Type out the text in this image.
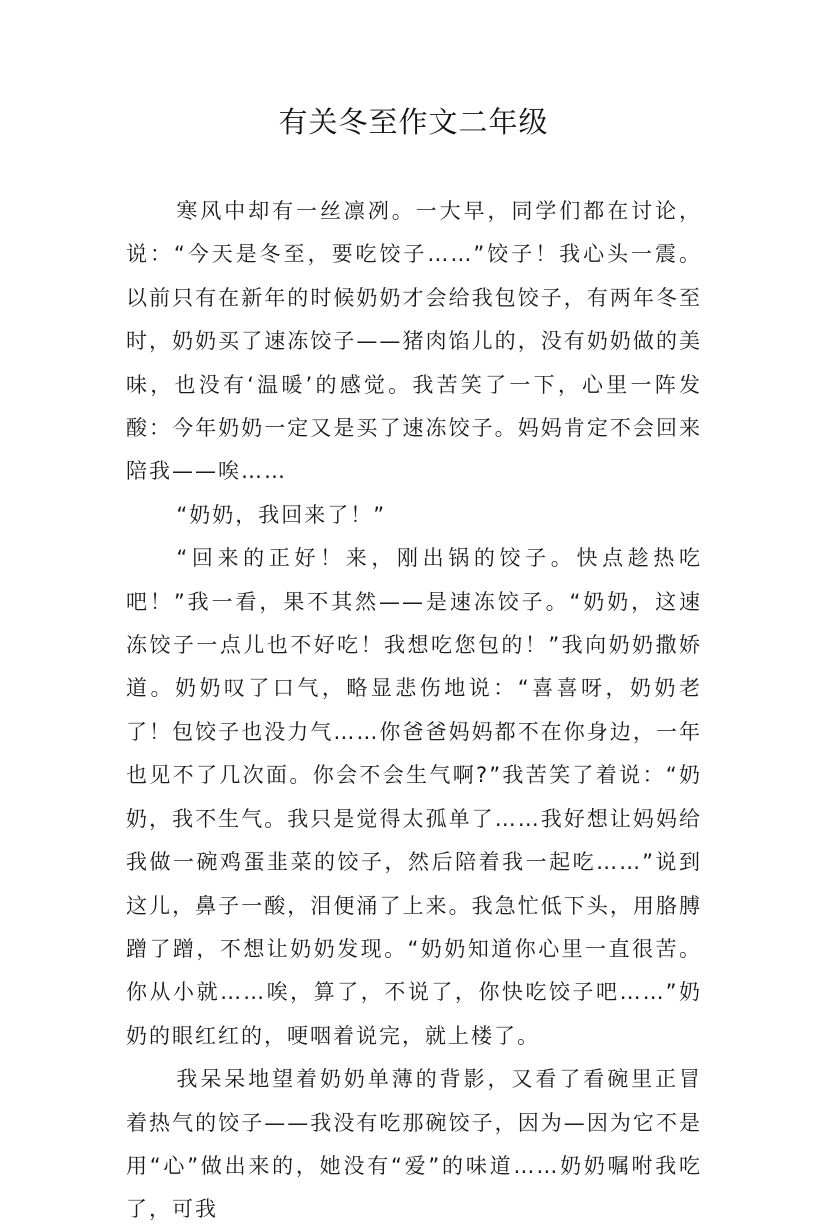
有关冬至作文二年级

寒风中却有一丝凛冽。一大早，同学们都在讨论，说：“今天是冬至，要吃饺子……”饺子！我心头一震。以前只有在新年的时候奶奶才会给我包饺子，有两年冬至时，奶奶买了速冻饺子——猪肉馅儿的，没有奶奶做的美味，也没有‘温暖’的感觉。我苦笑了一下，心里一阵发酸：今年奶奶一定又是买了速冻饺子。妈妈肯定不会回来陪我——唉……

“奶奶，我回来了！”

“回来的正好！来，刚出锅的饺子。快点趁热吃吧！”我一看，果不其然——是速冻饺子。“奶奶，这速冻饺子一点儿也不好吃！我想吃您包的！”我向奶奶撒娇道。奶奶叹了口气，略显悲伤地说：“喜喜呀，奶奶老了！包饺子也没力气……你爸爸妈妈都不在你身边，一年也见不了几次面。你会不会生气啊?”我苦笑了着说：“奶奶，我不生气。我只是觉得太孤单了……我好想让妈妈给我做一碗鸡蛋韭菜的饺子，然后陪着我一起吃……”说到这儿，鼻子一酸，泪便涌了上来。我急忙低下头，用胳膊蹭了蹭，不想让奶奶发现。“奶奶知道你心里一直很苦。你从小就……唉，算了，不说了，你快吃饺子吧……”奶奶的眼红红的，哽咽着说完，就上楼了。

我呆呆地望着奶奶单薄的背影，又看了看碗里正冒着热气的饺子——我没有吃那碗饺子，因为—因为它不是用“心”做出来的，她没有“爱”的味道……奶奶嘱咐我吃了，可我
